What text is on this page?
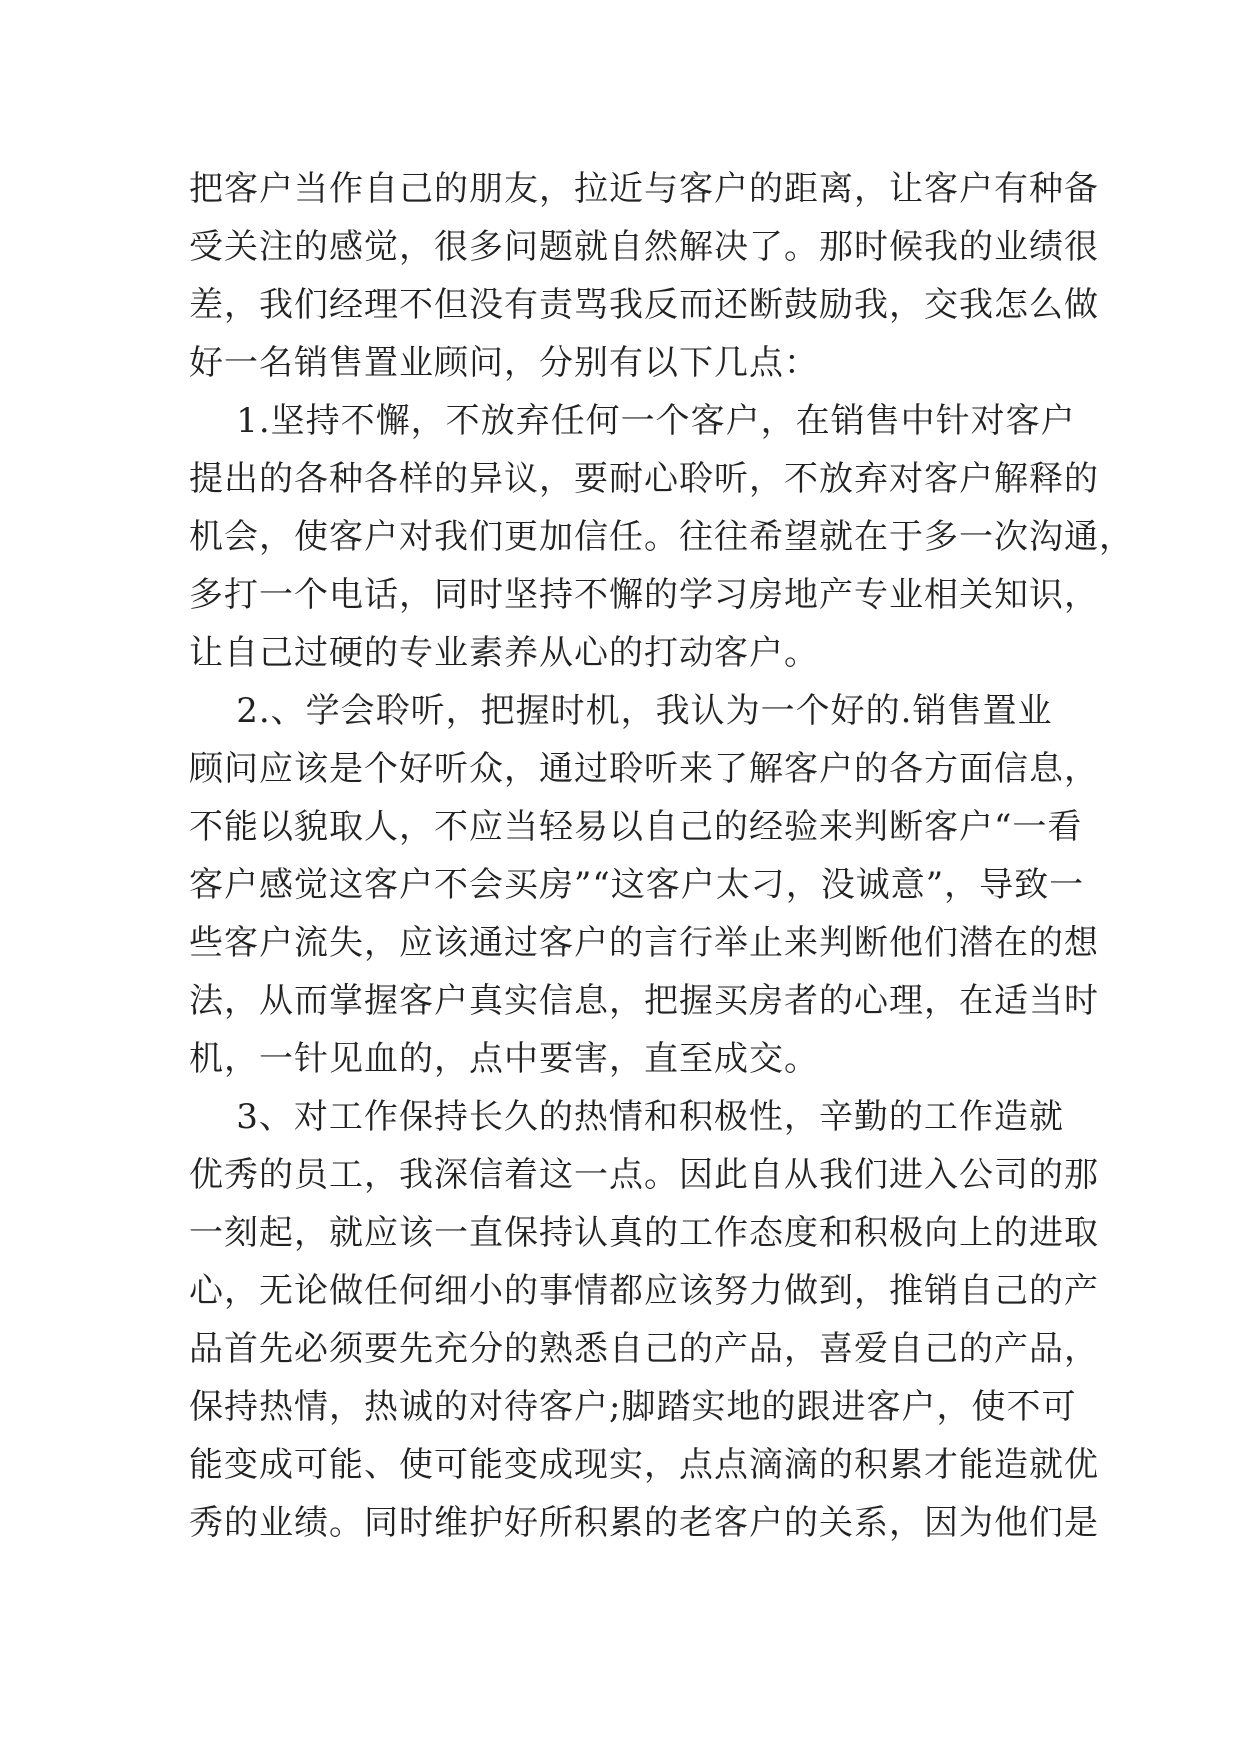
把客户当作自己的朋友，拉近与客户的距离，让客户有种备
受关注的感觉，很多问题就自然解决了。那时候我的业绩很
差，我们经理不但没有责骂我反而还断鼓励我，交我怎么做
好一名销售置业顾问，分别有以下几点：
1.坚持不懈，不放弃任何一个客户，在销售中针对客户
提出的各种各样的异议，要耐心聆听，不放弃对客户解释的
机会，使客户对我们更加信任。往往希望就在于多一次沟通，
多打一个电话，同时坚持不懈的学习房地产专业相关知识，
让自己过硬的专业素养从心的打动客户。
2.、学会聆听，把握时机，我认为一个好的.销售置业
顾问应该是个好听众，通过聆听来了解客户的各方面信息，
不能以貌取人，不应当轻易以自己的经验来判断客户“一看
客户感觉这客户不会买房”“这客户太刁，没诚意”，导致一
些客户流失，应该通过客户的言行举止来判断他们潜在的想
法，从而掌握客户真实信息，把握买房者的心理，在适当时
机，一针见血的，点中要害，直至成交。
3、对工作保持长久的热情和积极性，辛勤的工作造就
优秀的员工，我深信着这一点。因此自从我们进入公司的那
一刻起，就应该一直保持认真的工作态度和积极向上的进取
心，无论做任何细小的事情都应该努力做到，推销自己的产
品首先必须要先充分的熟悉自己的产品，喜爱自己的产品，
保持热情，热诚的对待客户;脚踏实地的跟进客户，使不可
能变成可能、使可能变成现实，点点滴滴的积累才能造就优
秀的业绩。同时维护好所积累的老客户的关系，因为他们是
